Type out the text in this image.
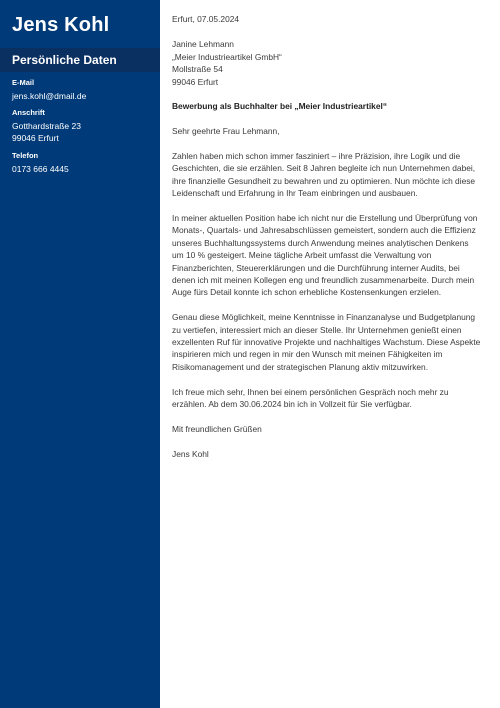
Jens Kohl
Persönliche Daten
E-Mail
jens.kohl@dmail.de
Anschrift
Gotthardstraße 23
99046 Erfurt
Telefon
0173 666 4445
Erfurt, 07.05.2024
Janine Lehmann
„Meier Industrieartikel GmbH“
Mollstraße 54
99046 Erfurt
Bewerbung als Buchhalter bei „Meier Industrieartikel“
Sehr geehrte Frau Lehmann,

Zahlen haben mich schon immer fasziniert – ihre Präzision, ihre Logik und die
Geschichten, die sie erzählen. Seit 8 Jahren begleite ich nun Unternehmen dabei,
ihre finanzielle Gesundheit zu bewahren und zu optimieren. Nun möchte ich diese
Leidenschaft und Erfahrung in Ihr Team einbringen und ausbauen.

In meiner aktuellen Position habe ich nicht nur die Erstellung und Überprüfung von
Monats-, Quartals- und Jahresabschlüssen gemeistert, sondern auch die Effizienz
unseres Buchhaltungssystems durch Anwendung meines analytischen Denkens
um 10 % gesteigert. Meine tägliche Arbeit umfasst die Verwaltung von
Finanzberichten, Steuererklärungen und die Durchführung interner Audits, bei
denen ich mit meinen Kollegen eng und freundlich zusammenarbeite. Durch mein
Auge fürs Detail konnte ich schon erhebliche Kostensenkungen erzielen.

Genau diese Möglichkeit, meine Kenntnisse in Finanzanalyse und Budgetplanung
zu vertiefen, interessiert mich an dieser Stelle. Ihr Unternehmen genießt einen
exzellenten Ruf für innovative Projekte und nachhaltiges Wachstum. Diese Aspekte
inspirieren mich und regen in mir den Wunsch mit meinen Fähigkeiten im
Risikomanagement und der strategischen Planung aktiv mitzuwirken.

Ich freue mich sehr, Ihnen bei einem persönlichen Gespräch noch mehr zu
erzählen. Ab dem 30.06.2024 bin ich in Vollzeit für Sie verfügbar.

Mit freundlichen Grüßen
Jens Kohl
